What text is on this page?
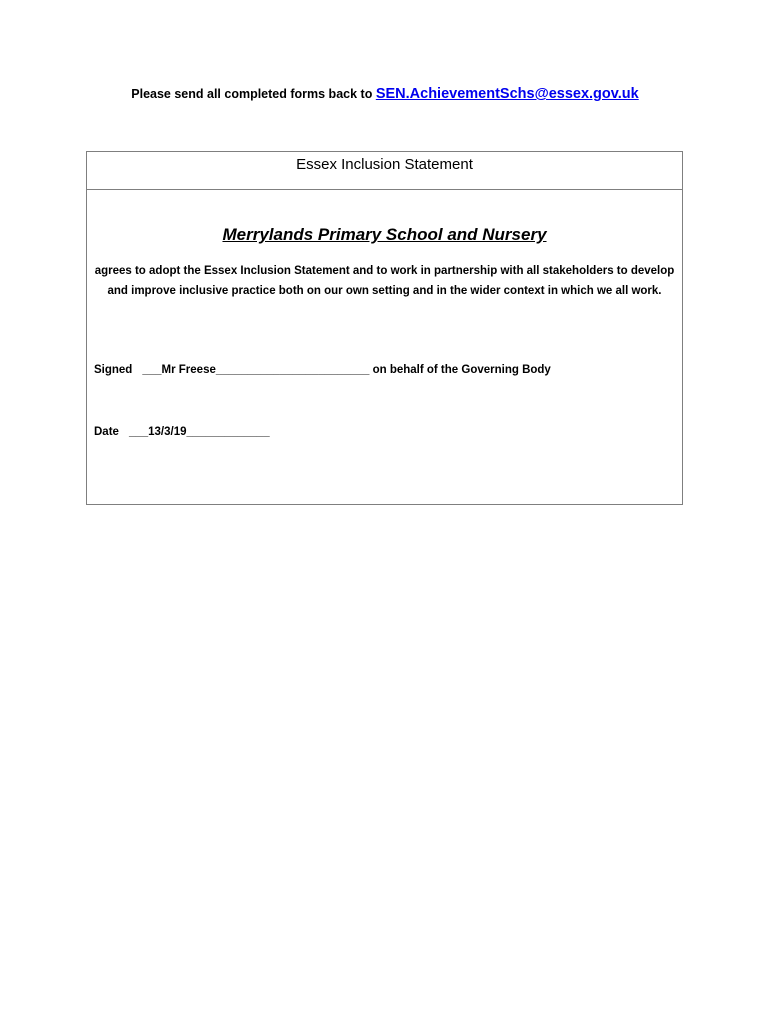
Please send all completed forms back to SEN.AchievementSchs@essex.gov.uk
Essex Inclusion Statement
Merrylands Primary School and Nursery
agrees to adopt the Essex Inclusion Statement and to work in partnership with all stakeholders to develop and improve inclusive practice both on our own setting and in the wider context in which we all work.
Signed ___Mr Freese________________________ on behalf of the Governing Body
Date ___13/3/19_____________
